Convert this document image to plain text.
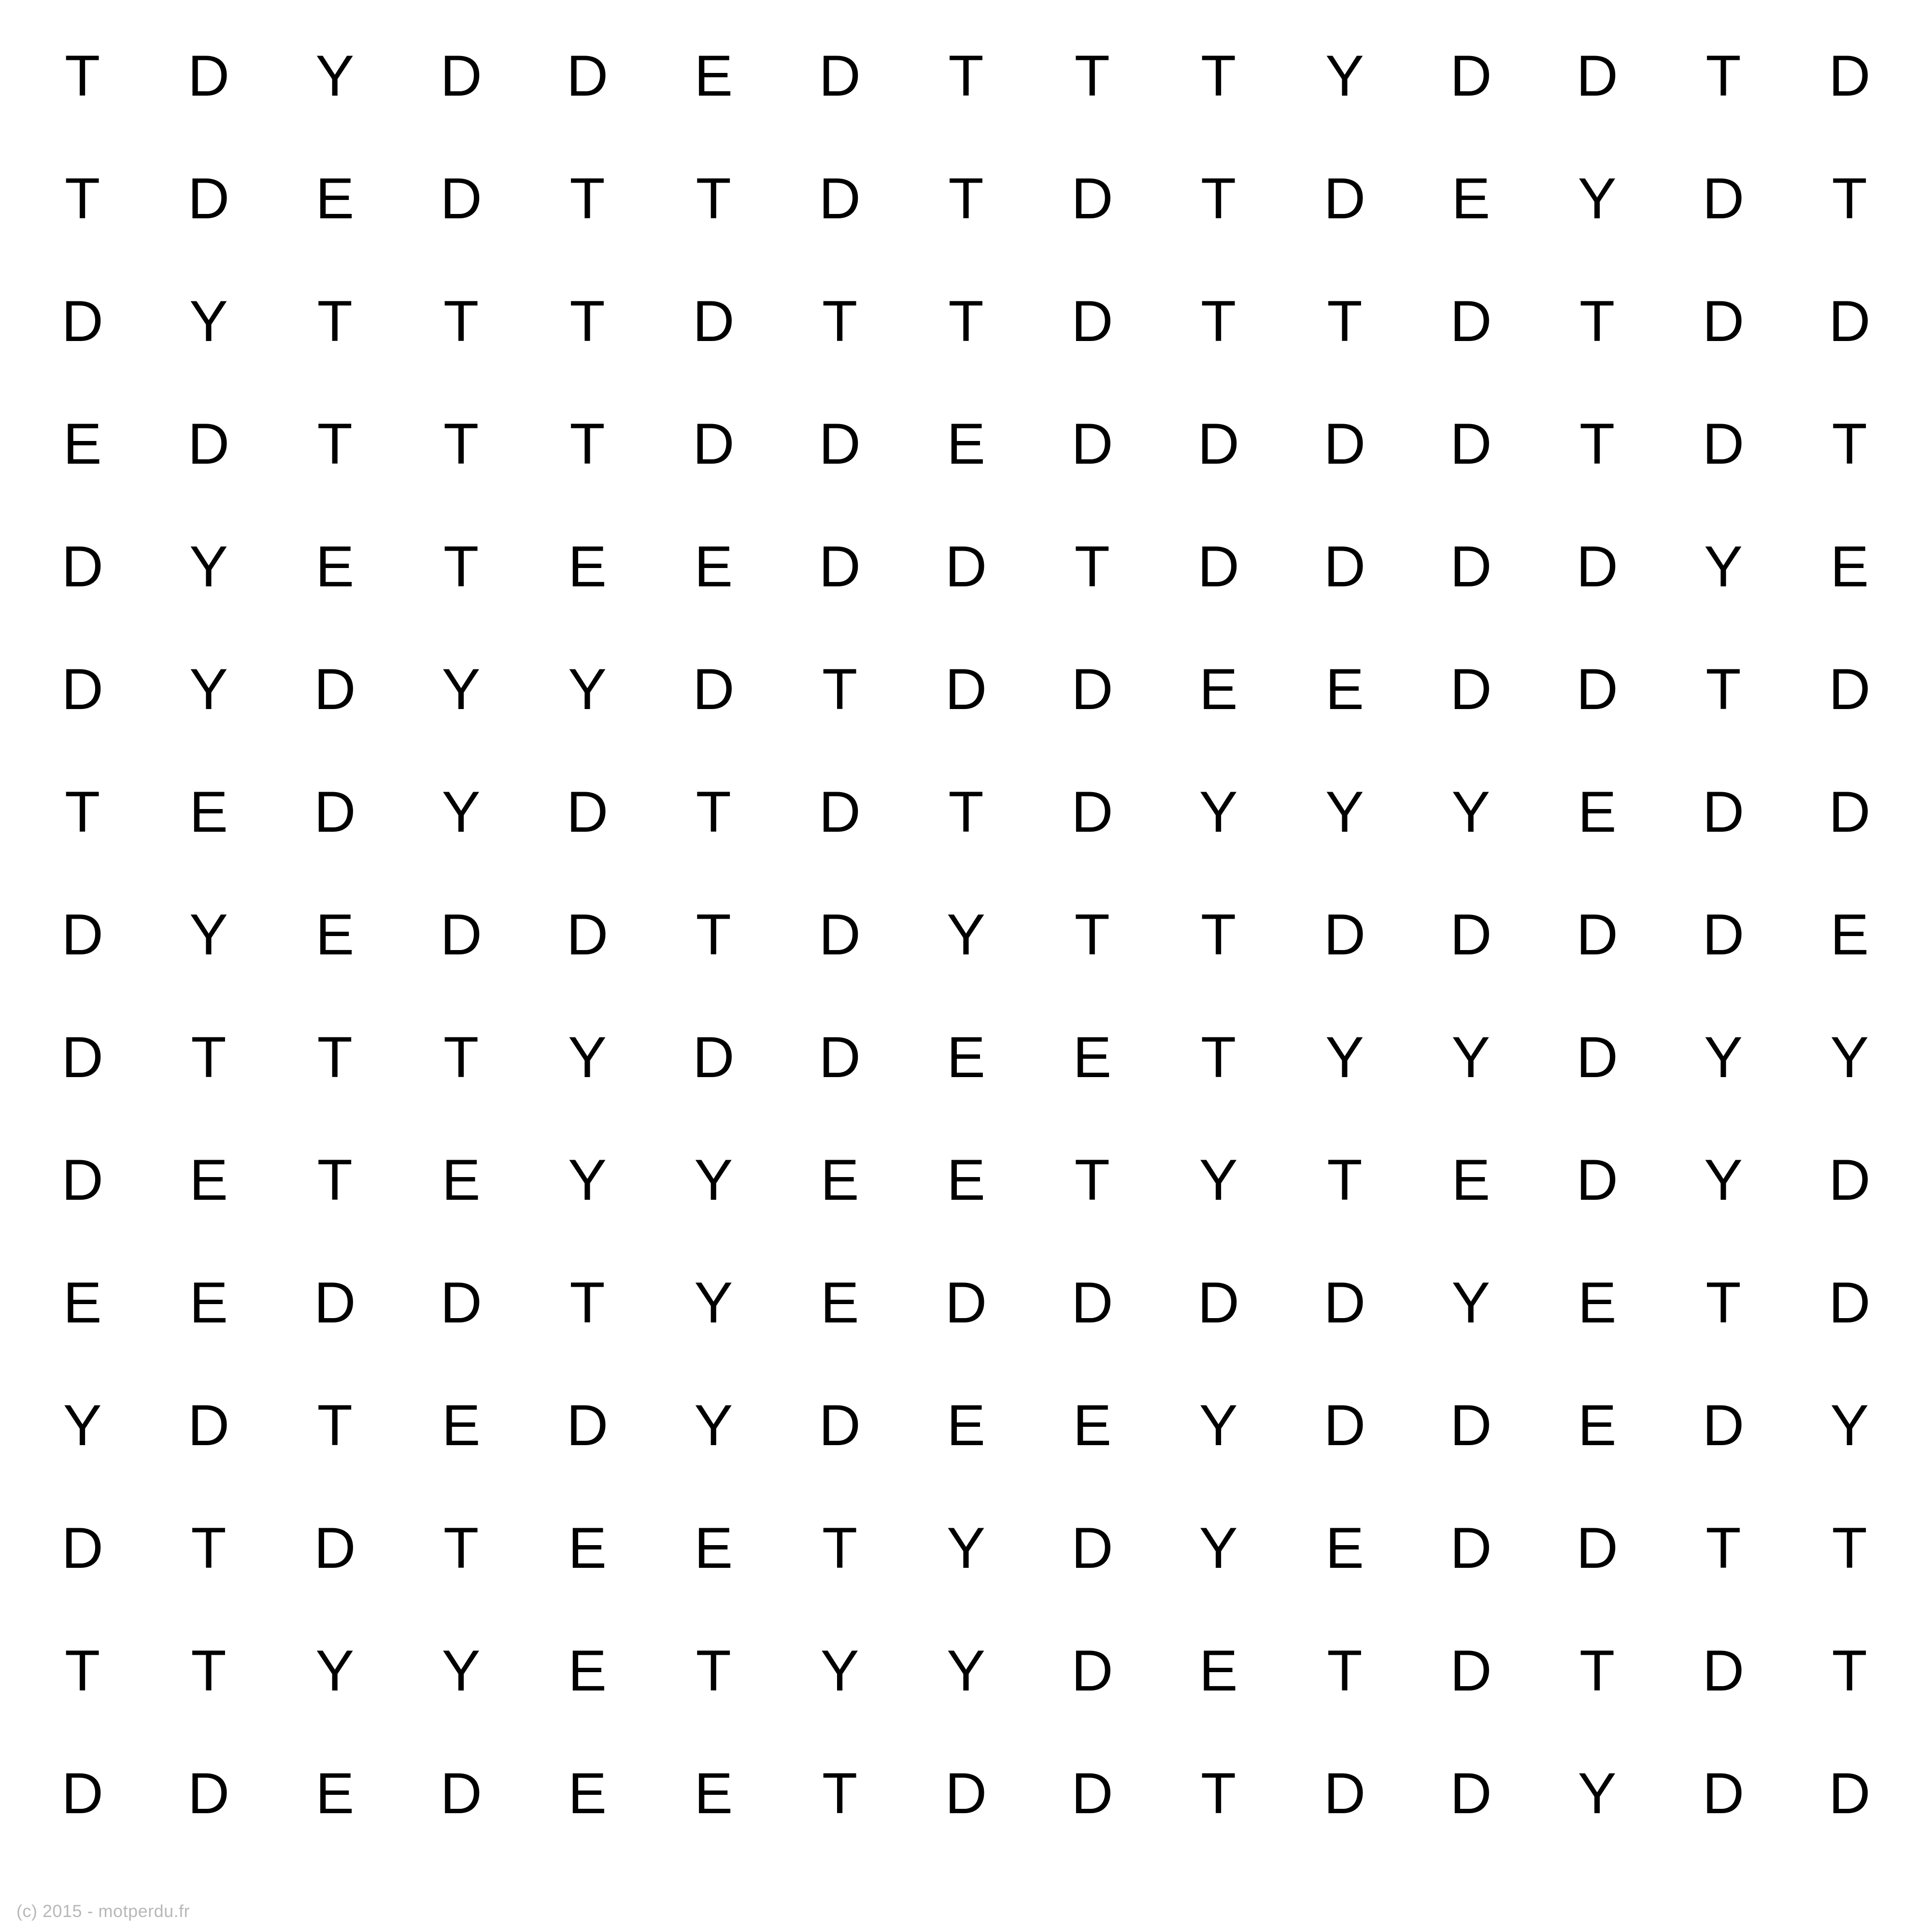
T	D	Y	D	D	E	D	T	T	T	Y	D	D	T	D
T	D	E	D	T	T	D	T	D	T	D	E	Y	D	T
D	Y	T	T	T	D	T	T	D	T	T	D	T	D	D
E	D	T	T	T	D	D	E	D	D	D	D	T	D	T
D	Y	E	T	E	E	D	D	T	D	D	D	D	Y	E
D	Y	D	Y	Y	D	T	D	D	E	E	D	D	T	D
T	E	D	Y	D	T	D	T	D	Y	Y	Y	E	D	D
D	Y	E	D	D	T	D	Y	T	T	D	D	D	D	E
D	T	T	T	Y	D	D	E	E	T	Y	Y	D	Y	Y
D	E	T	E	Y	Y	E	E	T	Y	T	E	D	Y	D
E	E	D	D	T	Y	E	D	D	D	D	Y	E	T	D
Y	D	T	E	D	Y	D	E	E	Y	D	D	E	D	Y
D	T	D	T	E	E	T	Y	D	Y	E	D	D	T	T
T	T	Y	Y	E	T	Y	Y	D	E	T	D	T	D	T
D	D	E	D	E	E	T	D	D	T	D	D	Y	D	D
(c) 2015 - motperdu.fr
